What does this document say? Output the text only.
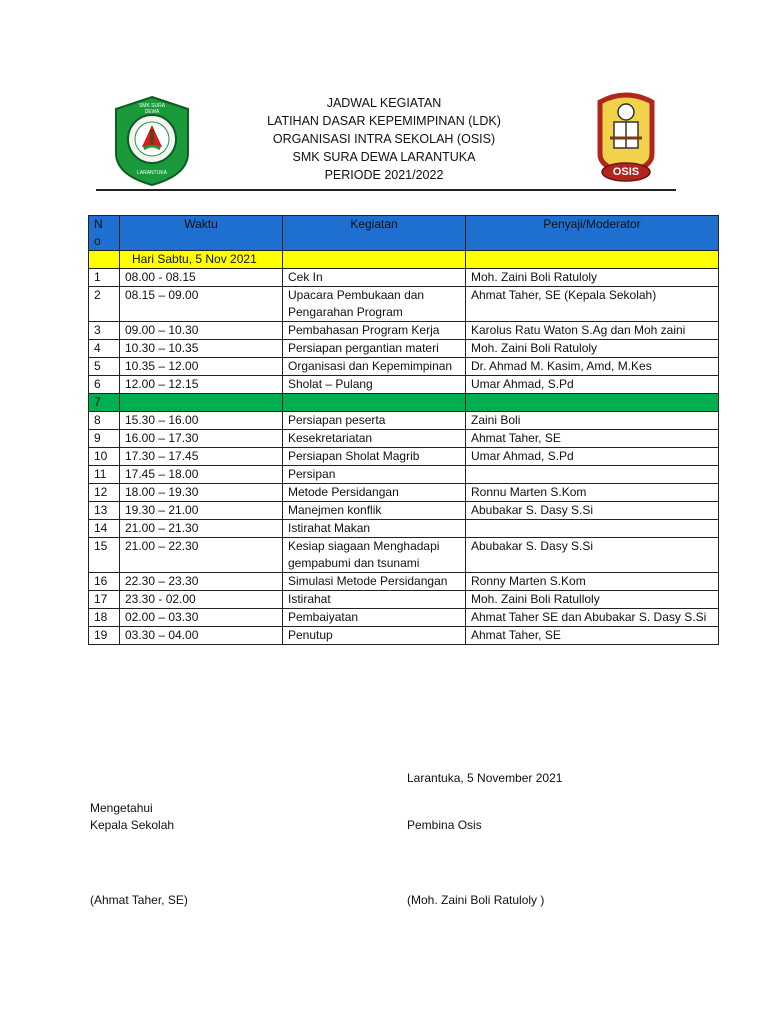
OSIS
SMK SURA DEWA
LARANTUKA
JADWAL KEGIATAN
LATIHAN DASAR KEPEMIMPINAN (LDK)
ORGANISASI INTRA SEKOLAH (OSIS)
SMK SURA DEWA LARANTUKA
PERIODE 2021/2022
No	Waktu	Kegiatan	Penyaji/Moderator
	Hari Sabtu, 5 Nov 2021		
1	08.00 - 08.15	Cek In	Moh. Zaini Boli Ratuloly
2	08.15 – 09.00	Upacara Pembukaan dan Pengarahan Program	Ahmat Taher, SE (Kepala Sekolah)
3	09.00 – 10.30	Pembahasan Program Kerja	Karolus Ratu Waton S.Ag dan Moh zaini
4	10.30 – 10.35	Persiapan pergantian materi	Moh. Zaini Boli Ratuloly
5	10.35 – 12.00	Organisasi dan Kepemimpinan	Dr. Ahmad M. Kasim, Amd, M.Kes
6	12.00 – 12.15	Sholat – Pulang	Umar Ahmad, S.Pd
7			
8	15.30 – 16.00	Persiapan peserta	Zaini Boli
9	16.00 – 17.30	Kesekretariatan	Ahmat Taher, SE
10	17.30 – 17.45	Persiapan Sholat Magrib	Umar Ahmad, S.Pd
11	17.45 – 18.00	Persipan	
12	18.00 – 19.30	Metode Persidangan	Ronnu Marten S.Kom
13	19.30 – 21.00	Manejmen konflik	Abubakar S. Dasy S.Si
14	21.00 – 21.30	Istirahat Makan	
15	21.00 – 22.30	Kesiap siagaan Menghadapi gempabumi dan tsunami	Abubakar S. Dasy S.Si
16	22.30 – 23.30	Simulasi Metode Persidangan	Ronny Marten S.Kom
17	23.30 - 02.00	Istirahat	Moh. Zaini Boli Ratulloly
18	02.00 – 03.30	Pembaiyatan	Ahmat Taher SE dan Abubakar S. Dasy S.Si
19	03.30 – 04.00	Penutup	Ahmat Taher, SE
Larantuka, 5 November 2021
Mengetahui
Kepala Sekolah	Pembina Osis
(Ahmat Taher, SE)	(Moh. Zaini Boli Ratuloly )
